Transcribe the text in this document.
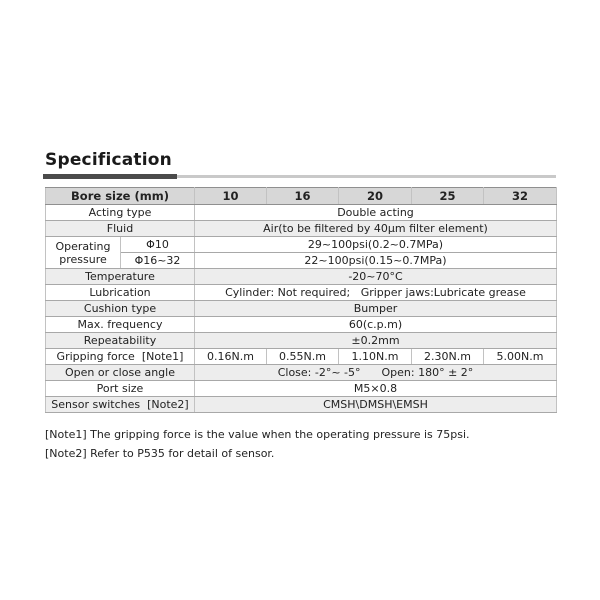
Specification
Bore size (mm)		10	16	20	25	32
Acting type		Double acting				
Fluid		Air(to be filtered by 40μm filter element)				
Operating pressure	Φ10	29~100psi(0.2~0.7MPa)				
	Φ16~32	22~100psi(0.15~0.7MPa)				
Temperature		-20~70°C				
Lubrication		Cylinder: Not required;   Gripper jaws:Lubricate grease				
Cushion type		Bumper				
Max. frequency		60(c.p.m)				
Repeatability		±0.2mm				
Gripping force  [Note1]		0.16N.m	0.55N.m	1.10N.m	2.30N.m	5.00N.m
Open or close angle		Close: -2°~ -5°      Open: 180° ± 2°				
Port size		M5×0.8				
Sensor switches  [Note2]		CMSH\DMSH\EMSH				
[Note1] The gripping force is the value when the operating pressure is 75psi.
[Note2] Refer to P535 for detail of sensor.
